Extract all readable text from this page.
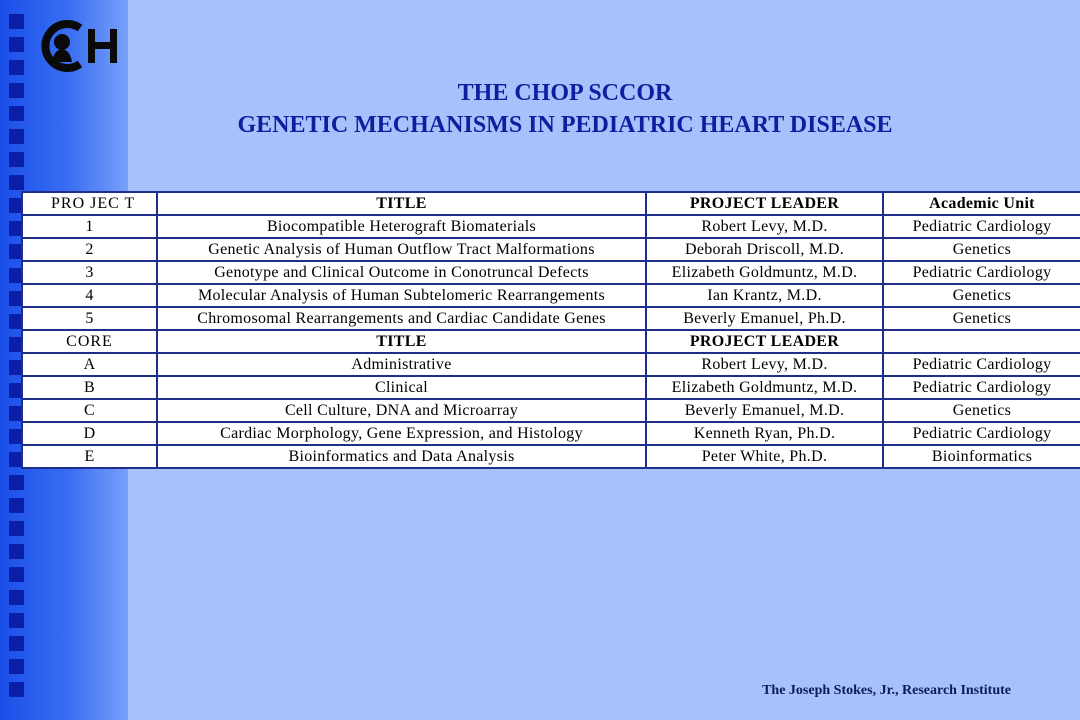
THE CHOP SCCOR
GENETIC MECHANISMS IN PEDIATRIC HEART DISEASE
PRO JEC T	TITLE	PROJECT LEADER	Academic Unit
1	Biocompatible Heterograft Biomaterials	Robert Levy, M.D.	Pediatric Cardiology
2	Genetic Analysis of Human Outflow Tract Malformations	Deborah Driscoll, M.D.	Genetics
3	Genotype and Clinical Outcome in Conotruncal Defects	Elizabeth Goldmuntz, M.D.	Pediatric Cardiology
4	Molecular Analysis of Human Subtelomeric Rearrangements	Ian Krantz, M.D.	Genetics
5	Chromosomal Rearrangements and Cardiac Candidate Genes	Beverly Emanuel, Ph.D.	Genetics
CORE	TITLE	PROJECT LEADER	
A	Administrative	Robert Levy, M.D.	Pediatric Cardiology
B	Clinical	Elizabeth Goldmuntz, M.D.	Pediatric Cardiology
C	Cell Culture, DNA and Microarray	Beverly Emanuel, M.D.	Genetics
D	Cardiac Morphology, Gene Expression, and Histology	Kenneth Ryan, Ph.D.	Pediatric Cardiology
E	Bioinformatics and Data Analysis	Peter White, Ph.D.	Bioinformatics
The Joseph Stokes, Jr., Research Institute
